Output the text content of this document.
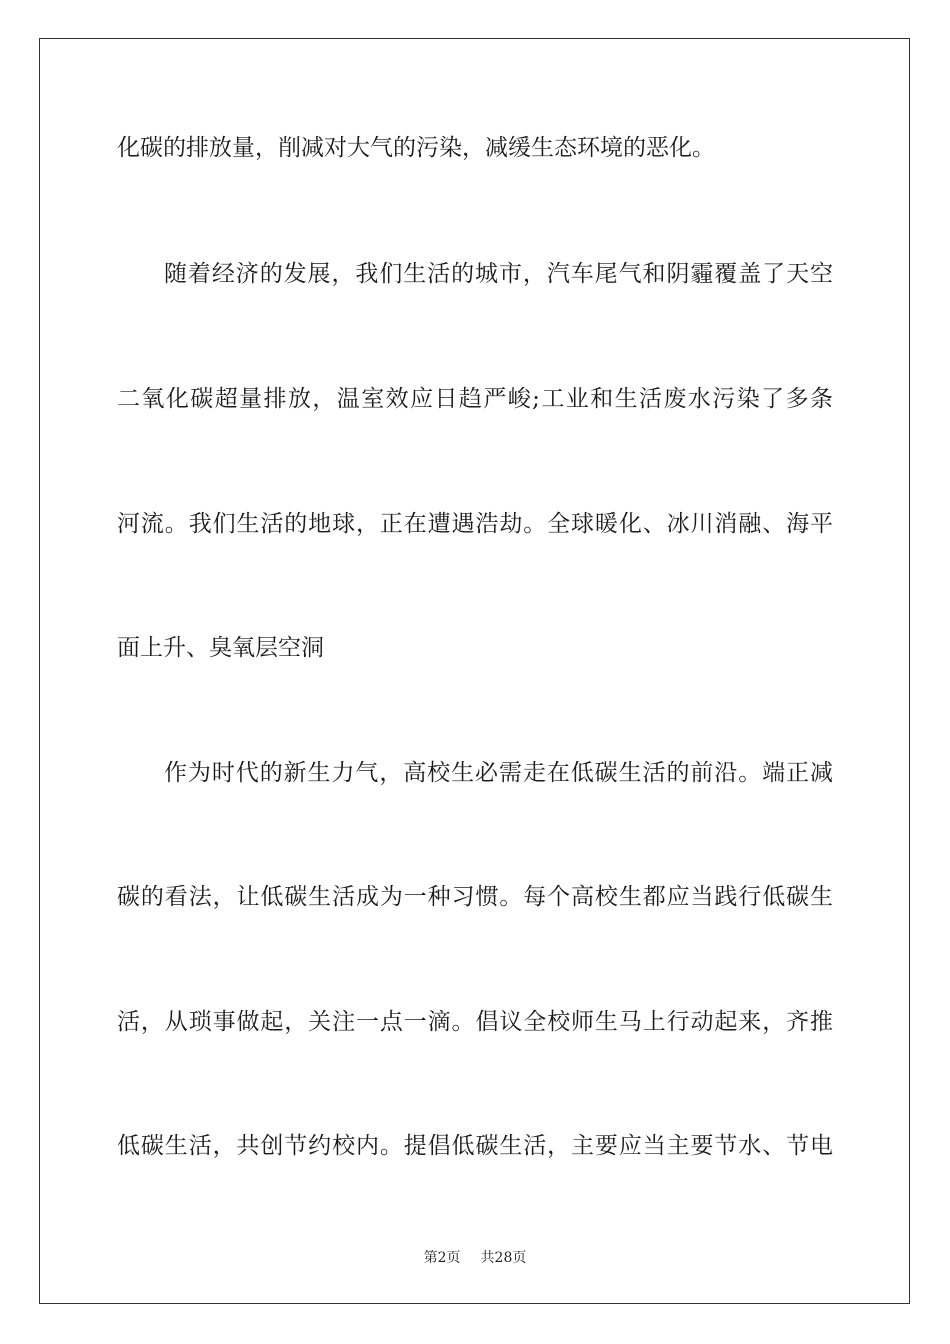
化碳的排放量，削减对大气的污染，减缓生态环境的恶化。
随着经济的发展，我们生活的城市，汽车尾气和阴霾覆盖了天空
二氧化碳超量排放，温室效应日趋严峻;工业和生活废水污染了多条
河流。我们生活的地球，正在遭遇浩劫。全球暖化、冰川消融、海平
面上升、臭氧层空洞
作为时代的新生力气，高校生必需走在低碳生活的前沿。端正减
碳的看法，让低碳生活成为一种习惯。每个高校生都应当践行低碳生
活，从琐事做起，关注一点一滴。倡议全校师生马上行动起来，齐推
低碳生活，共创节约校内。提倡低碳生活，主要应当主要节水、节电
第2页 共28页
